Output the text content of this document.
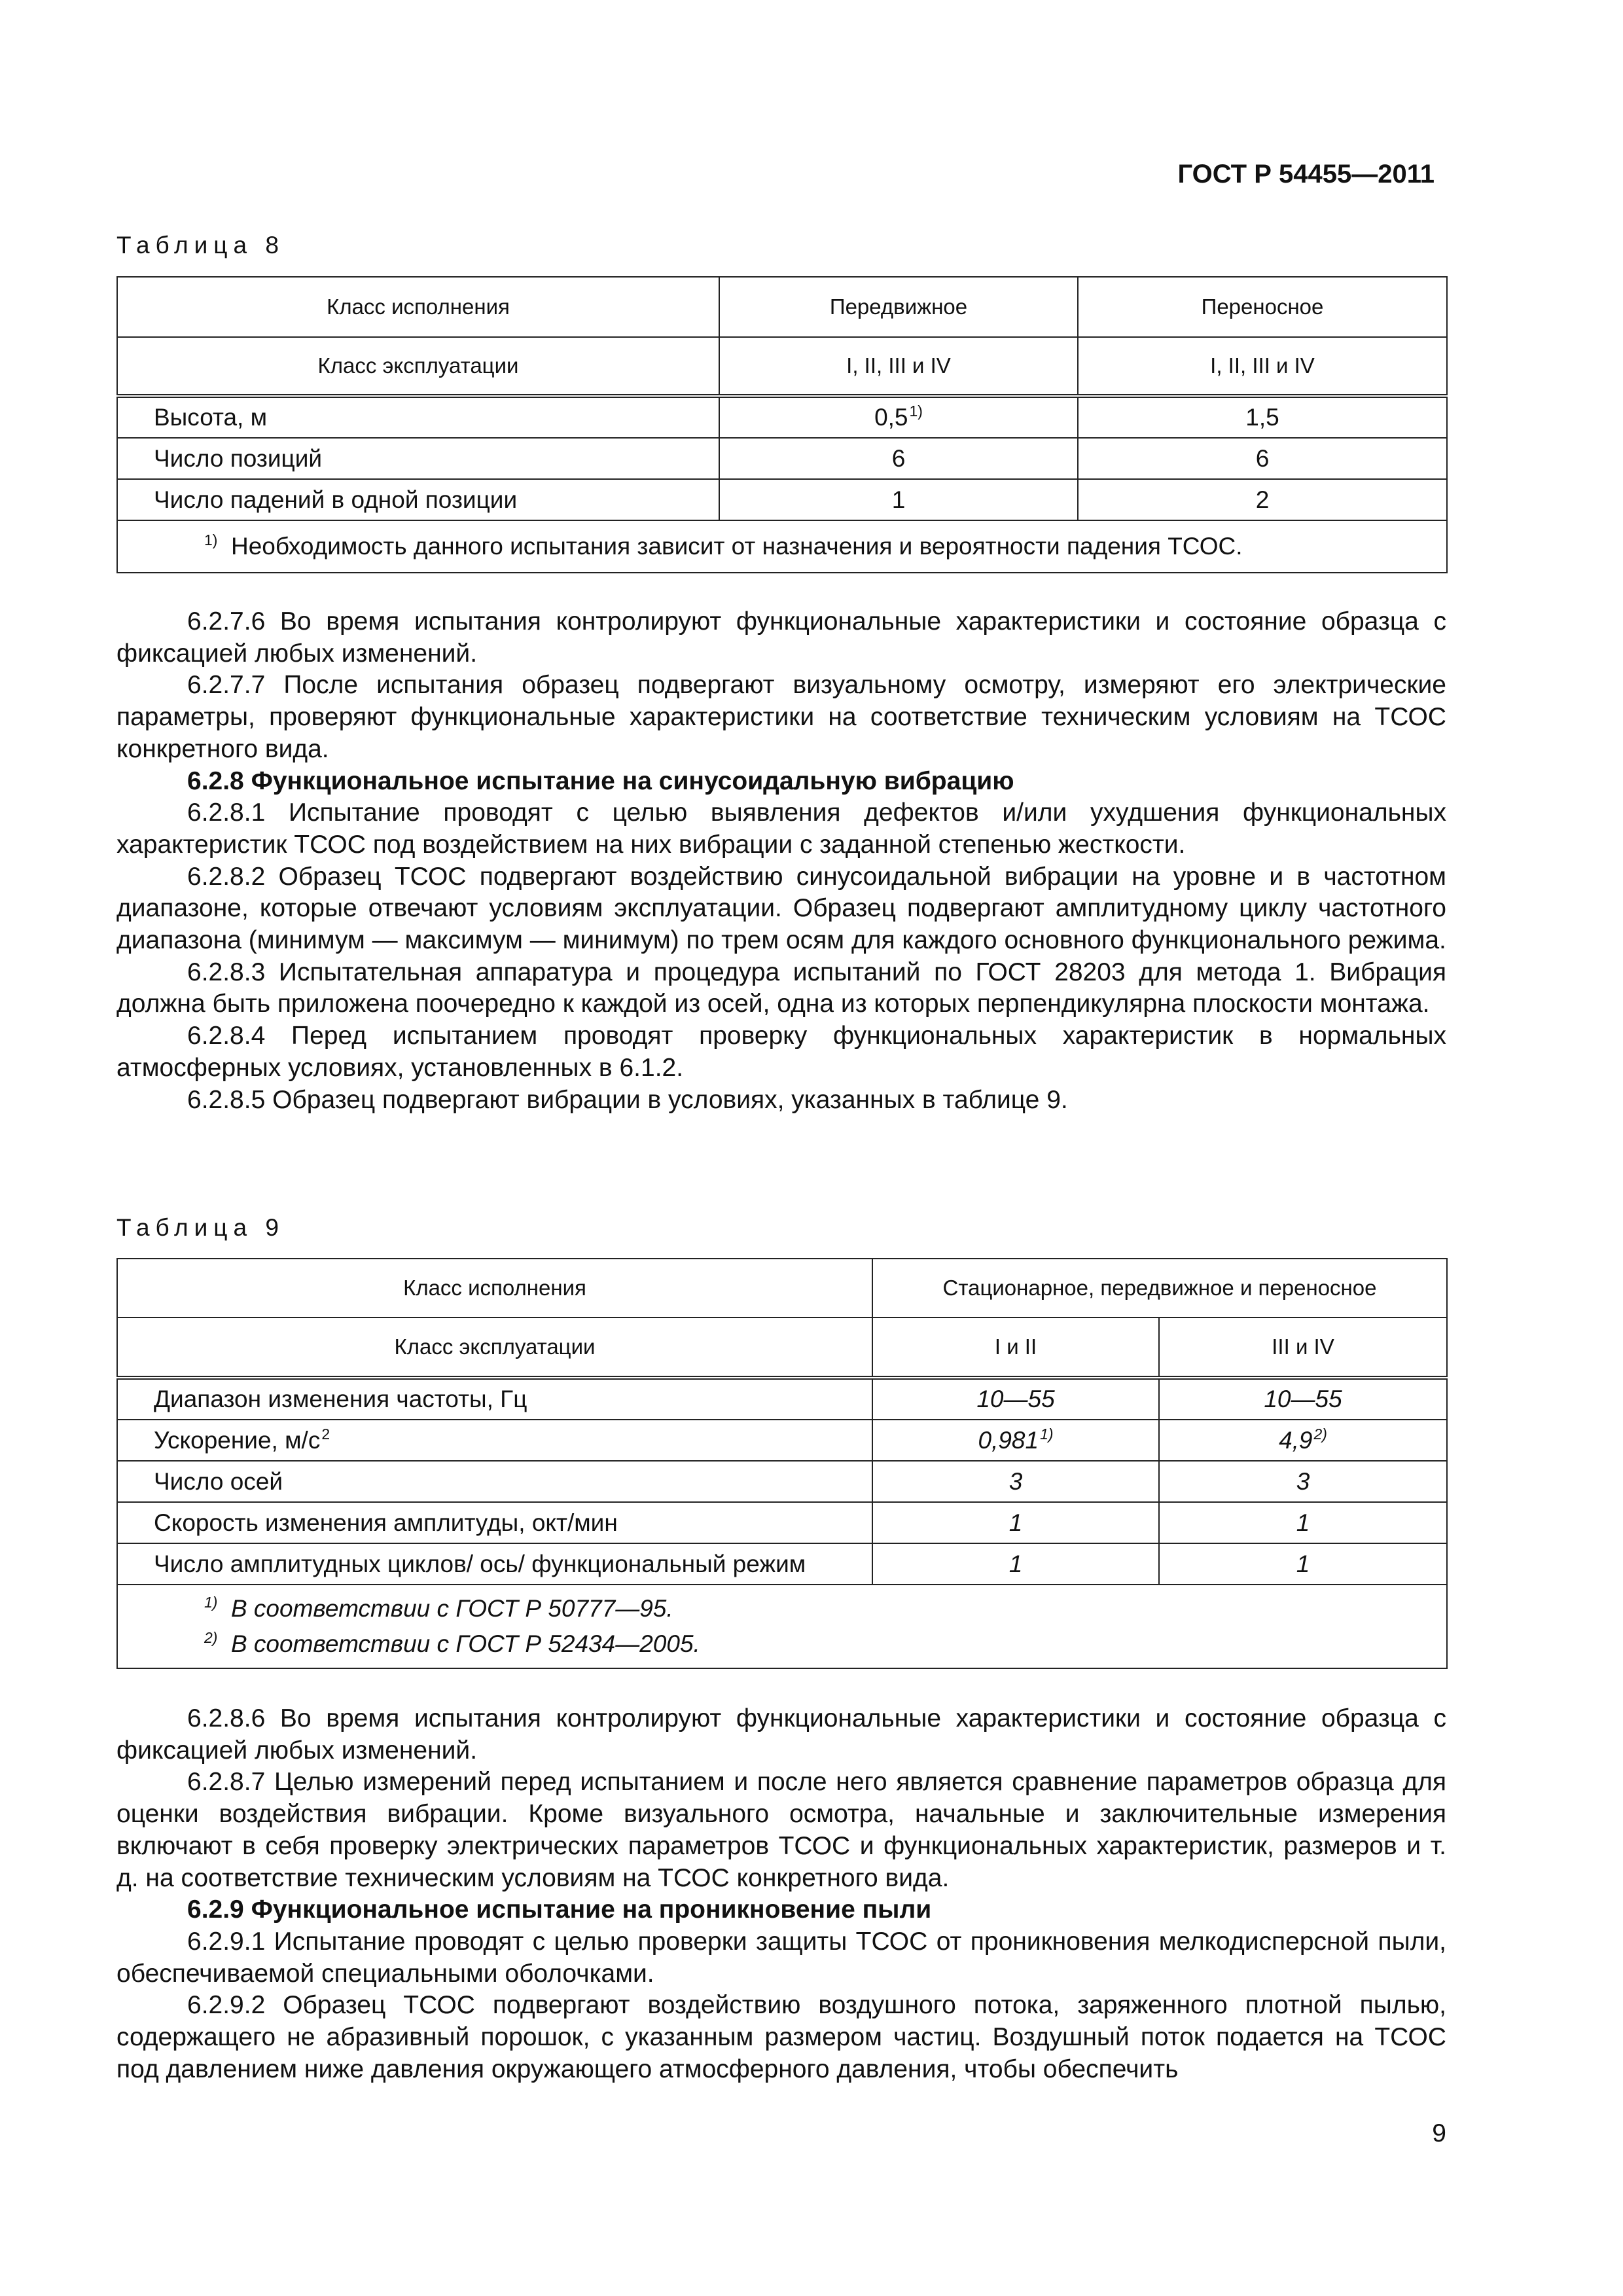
ГОСТ Р 54455—2011
Таблица 8
Класс исполнения	Передвижное	Переносное
Класс эксплуатации	I, II, III и IV	I, II, III и IV
Высота, м	0,5$^{1)}$	1,5
Число позиций	6	6
Число падений в одной позиции	1	2
$^{1)}$ Необходимость данного испытания зависит от назначения и вероятности падения ТСОС.		

6.2.7.6 Во время испытания контролируют функциональные характеристики и состояние образца с фиксацией любых изменений.

6.2.7.7 После испытания образец подвергают визуальному осмотру, измеряют его электрические параметры, проверяют функциональные характеристики на соответствие техническим условиям на ТСОС конкретного вида.

6.2.8 Функциональное испытание на синусоидальную вибрацию

6.2.8.1 Испытание проводят с целью выявления дефектов и/или ухудшения функциональных характеристик ТСОС под воздействием на них вибрации с заданной степенью жесткости.

6.2.8.2 Образец ТСОС подвергают воздействию синусоидальной вибрации на уровне и в частотном диапазоне, которые отвечают условиям эксплуатации. Образец подвергают амплитудному циклу частотного диапазона (минимум — максимум — минимум) по трем осям для каждого основного функционального режима.

6.2.8.3 Испытательная аппаратура и процедура испытаний по ГОСТ 28203 для метода 1. Вибрация должна быть приложена поочередно к каждой из осей, одна из которых перпендикулярна плоскости монтажа.

6.2.8.4 Перед испытанием проводят проверку функциональных характеристик в нормальных атмосферных условиях, установленных в 6.1.2.

6.2.8.5 Образец подвергают вибрации в условиях, указанных в таблице 9.

Таблица 9
Класс исполнения	Стационарное, передвижное и переносное	
Класс эксплуатации	I и II	III и IV
Диапазон изменения частоты, Гц	10—55	10—55
Ускорение, $м/с^2$	0,981$^{1)}$	4,9$^{2)}$
Число осей	3	3
Скорость изменения амплитуды, окт/мин	1	1
Число амплитудных циклов/ ось/ функциональный режим	1	1

$^{1)}$ В соответствии с ГОСТ Р 50777—95.
$^{2)}$ В соответствии с ГОСТ Р 52434—2005.		

6.2.8.6 Во время испытания контролируют функциональные характеристики и состояние образца с фиксацией любых изменений.

6.2.8.7 Целью измерений перед испытанием и после него является сравнение параметров образца для оценки воздействия вибрации. Кроме визуального осмотра, начальные и заключительные измерения включают в себя проверку электрических параметров ТСОС и функциональных характеристик, размеров и т. д. на соответствие техническим условиям на ТСОС конкретного вида.

6.2.9 Функциональное испытание на проникновение пыли

6.2.9.1 Испытание проводят с целью проверки защиты ТСОС от проникновения мелкодисперсной пыли, обеспечиваемой специальными оболочками.

6.2.9.2 Образец ТСОС подвергают воздействию воздушного потока, заряженного плотной пылью, содержащего не абразивный порошок, с указанным размером частиц. Воздушный поток подается на ТСОС под давлением ниже давления окружающего атмосферного давления, чтобы обеспечить

9
